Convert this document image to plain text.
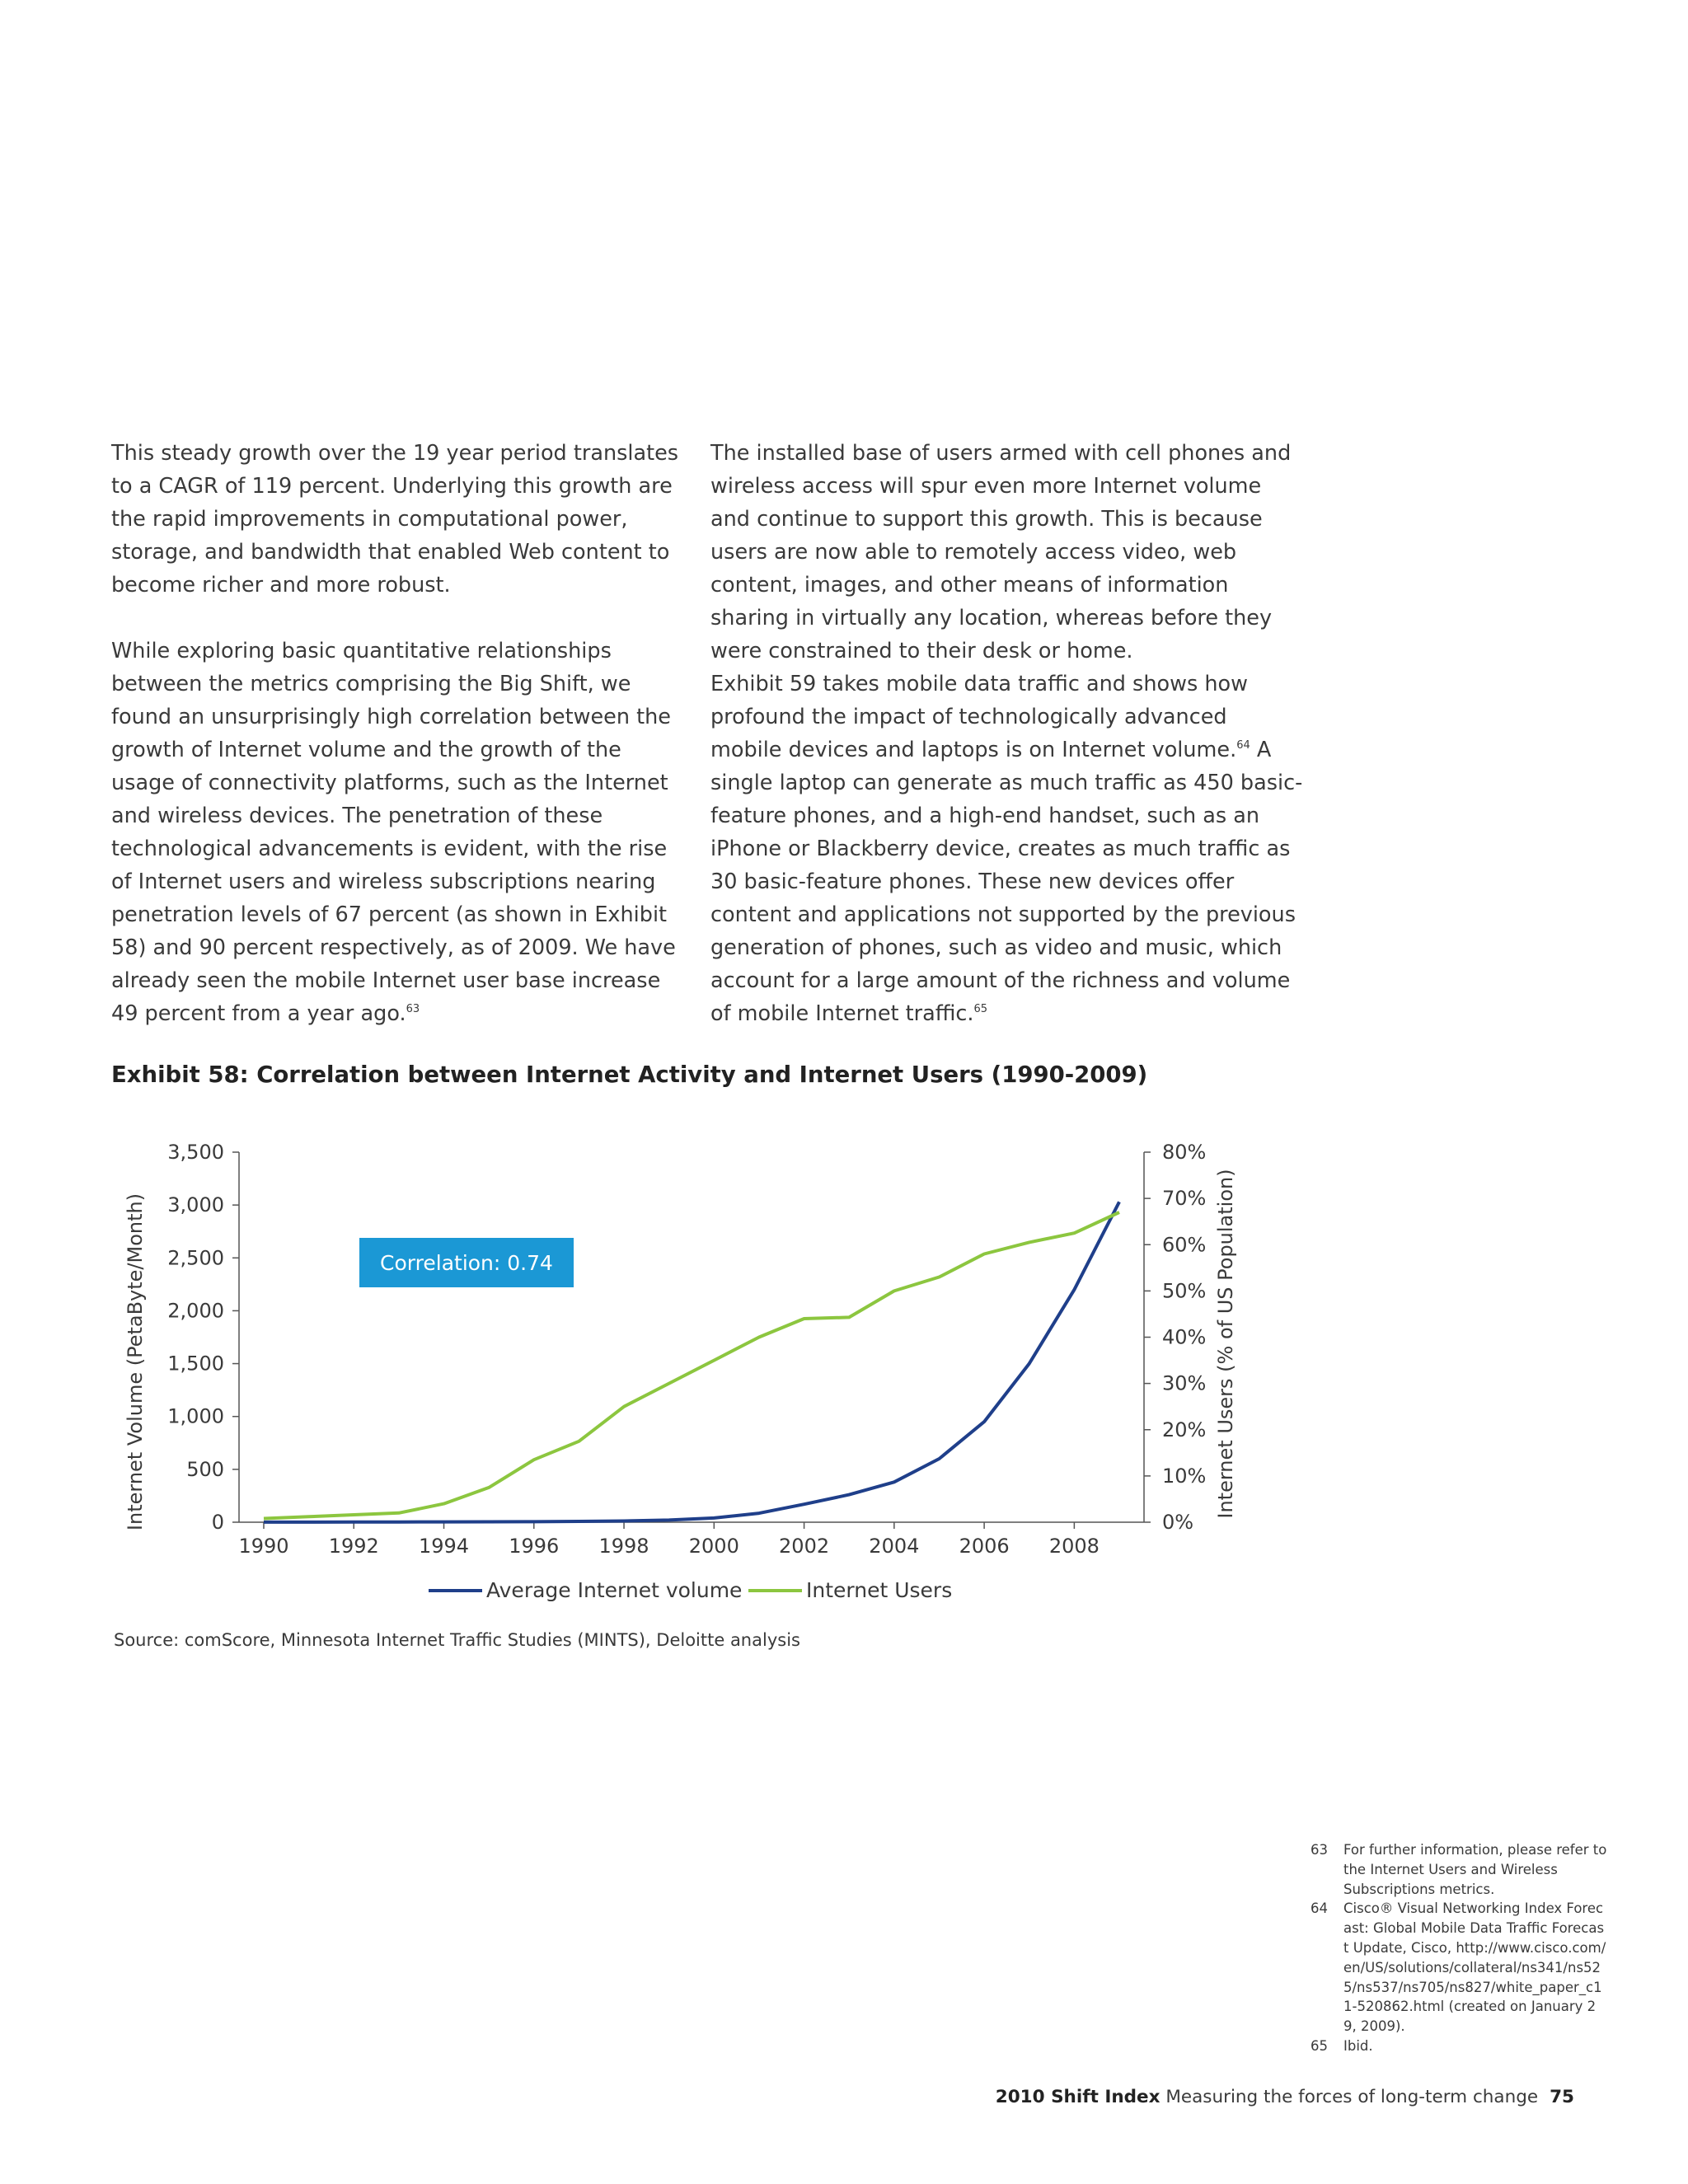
This steady growth over the 19 year period translates to a CAGR of 119 percent. Underlying this growth are the rapid improvements in computational power, storage, and bandwidth that enabled Web content to become richer and more robust.

While exploring basic quantitative relationships between the metrics comprising the Big Shift, we found an unsurprisingly high correlation between the growth of Internet volume and the growth of the usage of connectivity platforms, such as the Internet and wireless devices. The penetration of these technological advancements is evident, with the rise of Internet users and wireless subscriptions nearing penetration levels of 67 percent (as shown in Exhibit 58) and 90 percent respectively, as of 2009. We have already seen the mobile Internet user base increase 49 percent from a year ago.$^{63}$

The installed base of users armed with cell phones and wireless access will spur even more Internet volume and continue to support this growth. This is because users are now able to remotely access video, web content, images, and other means of information sharing in virtually any location, whereas before they were constrained to their desk or home.

Exhibit 59 takes mobile data traffic and shows how profound the impact of technologically advanced mobile devices and laptops is on Internet volume.$^{64}$ A single laptop can generate as much traffic as 450 basic-feature phones, and a high-end handset, such as an iPhone or Blackberry device, creates as much traffic as 30 basic-feature phones. These new devices offer content and applications not supported by the previous generation of phones, such as video and music, which account for a large amount of the richness and volume of mobile Internet traffic.$^{65}$

Exhibit 58: Correlation between Internet Activity and Internet Users (1990-2009)
0
500
1,000
1,500
2,000
2,500
3,000
3,500
0%
10%
20%
30%
40%
50%
60%
70%
80%
1990 1992 1994 1996 1998 2000 2002 2004 2006 2008
Internet Volume (PetaByte/Month)	Internet Users (% of US Population)
Correlation: 0.74
Average Internet volume	Internet Users
Source: comScore, Minnesota Internet Traffic Studies (MINTS), Deloitte analysis
63	For further information, please refer to the Internet Users and Wireless Subscriptions metrics.
64	Cisco® Visual Networking Index Forecast: Global Mobile Data Traffic Forecast Update, Cisco, http://www.cisco.com/en/US/solutions/collateral/ns341/ns525/ns537/ns705/ns827/white_paper_c11-520862.html (created on January 29, 2009).
65	Ibid.
2010 Shift Index Measuring the forces of long-term change 75
